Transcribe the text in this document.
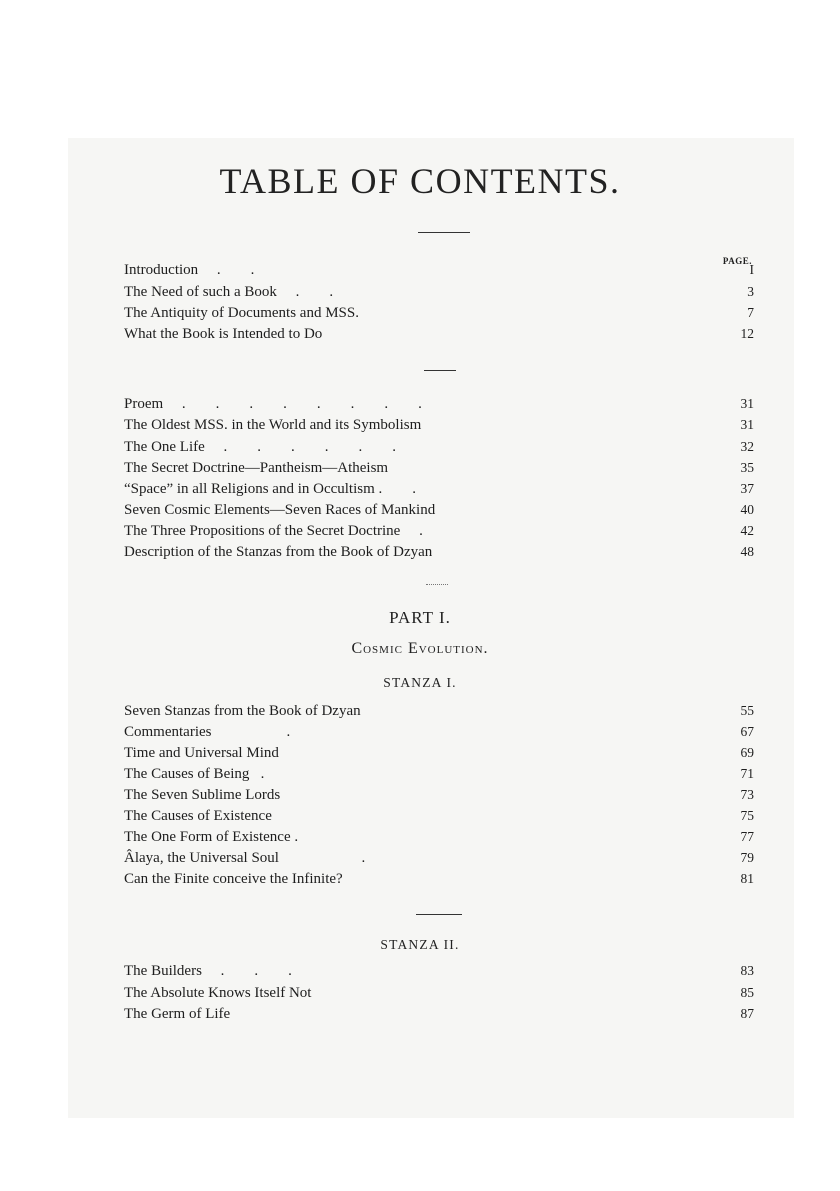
TABLE OF CONTENTS.
PAGE.
Introduction     .        .	I
The Need of such a Book     .        .	3
The Antiquity of Documents and MSS.	7
What the Book is Intended to Do	12
Proem     .        .        .        .        .        .        .        .	31
The Oldest MSS. in the World and its Symbolism	31
The One Life     .        .        .        .        .        .	32
The Secret Doctrine—Pantheism—Atheism	35
“Space” in all Religions and in Occultism .        .	37
Seven Cosmic Elements—Seven Races of Mankind	40
The Three Propositions of the Secret Doctrine     .	42
Description of the Stanzas from the Book of Dzyan	48
PART I.
Cosmic Evolution.
STANZA I.
Seven Stanzas from the Book of Dzyan	55
Commentaries                    .	67
Time and Universal Mind	69
The Causes of Being   .	71
The Seven Sublime Lords	73
The Causes of Existence	75
The One Form of Existence .	77
Âlaya, the Universal Soul                      .	79
Can the Finite conceive the Infinite?	81
STANZA II.
The Builders     .        .        .	83
The Absolute Knows Itself Not	85
The Germ of Life	87
